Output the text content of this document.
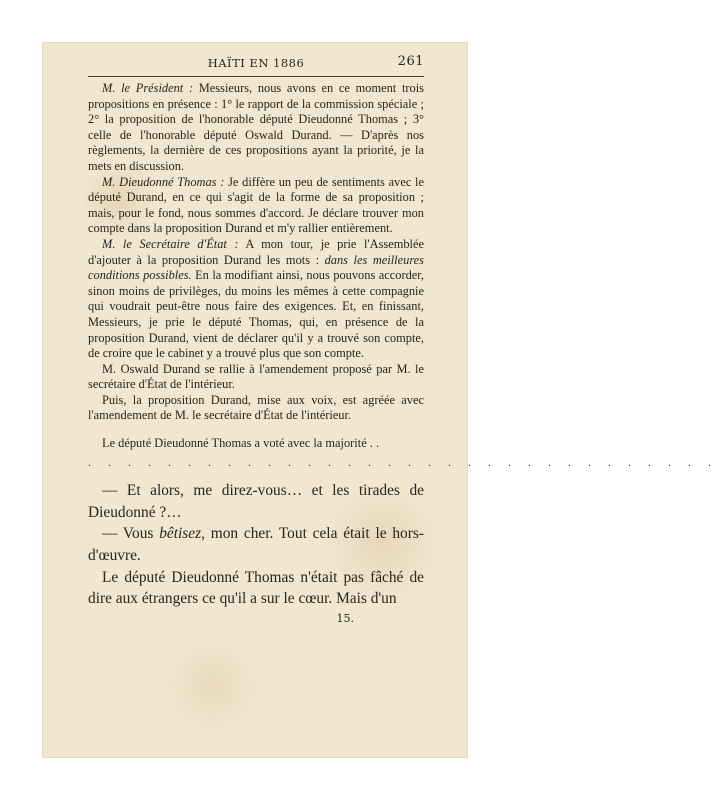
HAÏTI EN 1886	261

M. le Président : Messieurs, nous avons en ce moment trois propositions en présence : 1° le rapport de la commission spéciale ; 2° la proposition de l'honorable député Dieudonné Thomas ; 3° celle de l'honorable député Oswald Durand. — D'après nos règlements, la dernière de ces propositions ayant la priorité, je la mets en discussion.

M. Dieudonné Thomas : Je diffère un peu de sentiments avec le député Durand, en ce qui s'agit de la forme de sa proposition ; mais, pour le fond, nous sommes d'accord. Je déclare trouver mon compte dans la proposition Durand et m'y rallier entièrement.

M. le Secrétaire d'État : A mon tour, je prie l'Assemblée d'ajouter à la proposition Durand les mots : dans les meilleures conditions possibles. En la modifiant ainsi, nous pouvons accorder, sinon moins de privilèges, du moins les mêmes à cette compagnie qui voudrait peut-être nous faire des exigences. Et, en finissant, Messieurs, je prie le député Thomas, qui, en présence de la proposition Durand, vient de déclarer qu'il y a trouvé son compte, de croire que le cabinet y a trouvé plus que son compte.

M. Oswald Durand se rallie à l'amendement proposé par M. le secrétaire d'État de l'intérieur.

Puis, la proposition Durand, mise aux voix, est agréée avec l'amendement de M. le secrétaire d'État de l'intérieur.

Le député Dieudonné Thomas a voté avec la majorité . .

. . . . . . . . . . . . . . . . . . . . . . . . . . . . . . . .

— Et alors, me direz-vous… et les tirades de Dieudonné ?…

— Vous bêtisez, mon cher. Tout cela était le hors-d'œuvre.

Le député Dieudonné Thomas n'était pas fâché de dire aux étrangers ce qu'il a sur le cœur. Mais d'un

15.
